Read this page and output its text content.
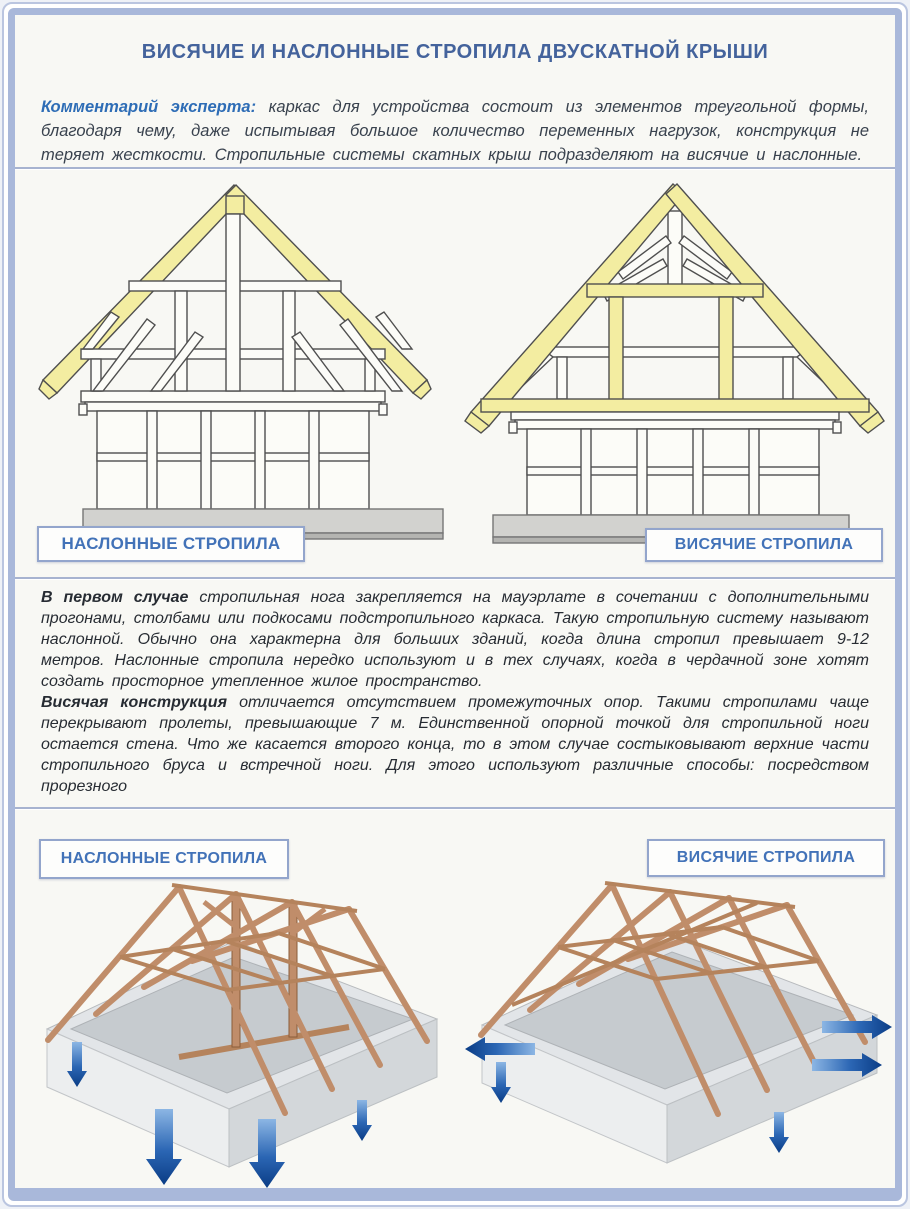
ВИСЯЧИЕ И НАСЛОННЫЕ СТРОПИЛА ДВУСКАТНОЙ КРЫШИ
Комментарий эксперта: каркас для устройства состоит из элементов треугольной формы, благодаря чему, даже испытывая большое количество переменных нагрузок, конструкция не теряет жесткости. Стропильные системы скатных крыш подразделяют на висячие и наслонные.
НАСЛОННЫЕ СТРОПИЛА	ВИСЯЧИЕ СТРОПИЛА

В первом случае стропильная нога закрепляется на мауэрлате в сочетании с дополнительными прогонами, столбами или подкосами подстропильного каркаса. Такую стропильную систему называют наслонной. Обычно она характерна для больших зданий, когда длина стропил превышает 9-12 метров. Наслонные стропила нередко используют и в тех случаях, когда в чердачной зоне хотят создать просторное утепленное жилое пространство.

Висячая конструкция отличается отсутствием промежуточных опор. Такими стропилами чаще перекрывают пролеты, превышающие 7 м. Единственной опорной точкой для стропильной ноги остается стена. Что же касается второго конца, то в этом случае состыковывают верхние части стропильного бруса и встречной ноги. Для этого используют различные способы: посредством прорезного

НАСЛОННЫЕ СТРОПИЛА	ВИСЯЧИЕ СТРОПИЛА
